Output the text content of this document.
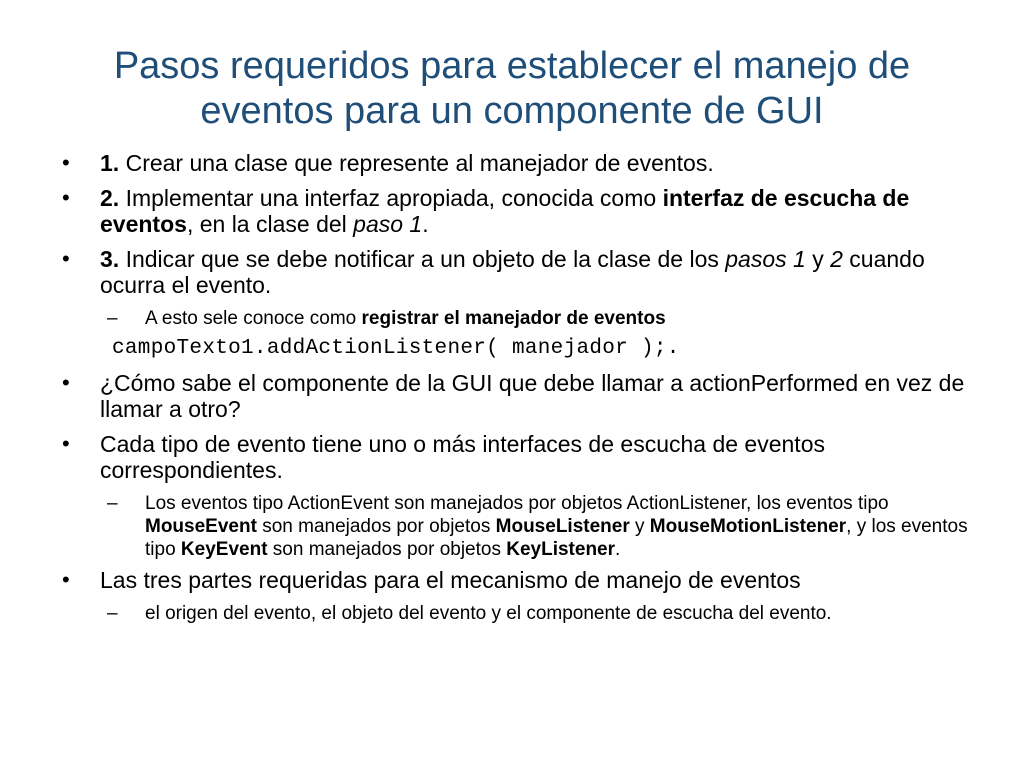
Pasos requeridos para establecer el manejo de
eventos para un componente de GUI
• 1. Crear una clase que represente al manejador de eventos.
• 2. Implementar una interfaz apropiada, conocida como interfaz de escucha de eventos, en la clase del paso 1.
• 3. Indicar que se debe notificar a un objeto de la clase de los pasos 1 y 2 cuando ocurra el evento.
– A esto sele conoce como registrar el manejador de eventos
campoTexto1.addActionListener( manejador );.
• ¿Cómo sabe el componente de la GUI que debe llamar a actionPerformed en vez de llamar a otro?
• Cada tipo de evento tiene uno o más interfaces de escucha de eventos correspondientes.
– Los eventos tipo ActionEvent son manejados por objetos ActionListener, los eventos tipo MouseEvent son manejados por objetos MouseListener y MouseMotionListener, y los eventos tipo KeyEvent son manejados por objetos KeyListener.
• Las tres partes requeridas para el mecanismo de manejo de eventos
– el origen del evento, el objeto del evento y el componente de escucha del evento.
